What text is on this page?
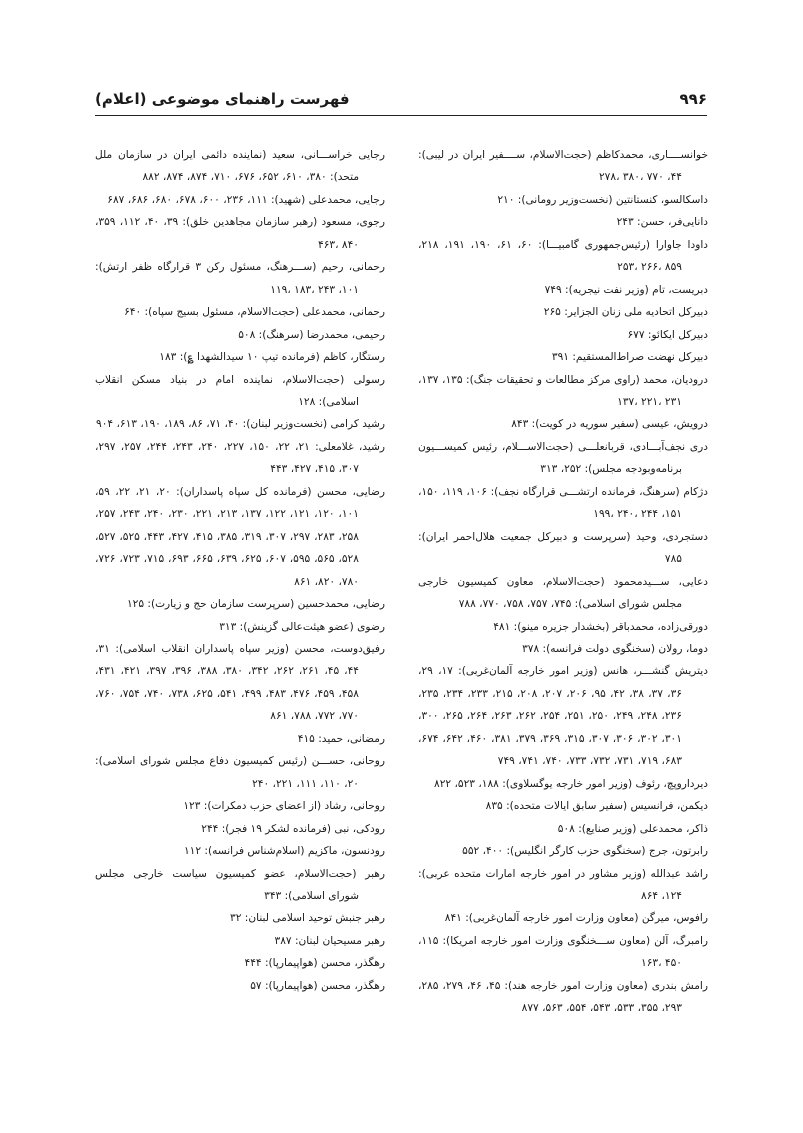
۹۹۶
فهرست راهنمای موضوعی (اعلام)
خوانســــاری، محمدکاظم (حجت‌الاسلام، ســــفیر ایران در لیبی): ۴۴، ۷۷۰ ،۳۸۰ ،۲۷۸
داسکالسو، کنستانتین (نخست‌وزیر رومانی): ۲۱۰
دانایی‌فر، حسن: ۲۴۳
داودا جاوارا (رئیس‌جمهوری گامبیـــا): ۶۰، ۶۱، ۱۹۰، ۱۹۱، ۲۱۸، ۸۵۹ ،۲۶۶ ،۲۵۳
دبریست، تام (وزیر نفت نیجریه): ۷۴۹
دبیرکل اتحادیه ملی زنان الجزایر: ۲۶۵
دبیرکل ایکائو: ۶۷۷
دبیرکل نهضت صراط‌المستقیم: ۳۹۱
درودیان، محمد (راوی مرکز مطالعات و تحقیقات جنگ): ۱۳۵، ۱۳۷، ۲۳۱ ،۲۲۱ ،۱۳۷
درویش، عیسی (سفیر سوریه در کویت): ۸۴۳
دری نجف‌آبـــادی، قربانعلـــی (حجت‌الاســـلام، رئیس کمیســـیون برنامه‌وبودجه مجلس): ۲۵۲، ۳۱۳
دژکام (سرهنگ، فرمانده ارتشـــی قرارگاه نجف): ۱۰۶، ۱۱۹، ۱۵۰، ۱۵۱، ۲۴۴ ،۲۴۰ ،۱۹۹
دستجردی، وحید (سرپرست و دبیرکل جمعیت هلال‌احمر ایران): ۷۸۵
دعایی، ســـیدمحمود (حجت‌الاسلام، معاون کمیسیون خارجی مجلس شورای اسلامی): ۷۴۵، ۷۵۷، ۷۵۸، ۷۷۰، ۷۸۸
دورقی‌زاده، محمدباقر (بخشدار جزیره مینو): ۴۸۱
دوما، رولان (سخنگوی دولت فرانسه): ۳۷۸
دیتریش گنشـــر، هانس (وزیر امور خارجه آلمان‌غربی): ۱۷، ۲۹، ۳۶، ۳۷، ۳۸، ۴۲، ۹۵، ۲۰۶، ۲۰۷، ۲۰۸، ۲۱۵، ۲۳۳، ۲۳۴، ۲۳۵، ۲۳۶، ۲۴۸، ۲۴۹، ۲۵۰، ۲۵۱، ۲۵۴، ۲۶۲، ۲۶۳، ۲۶۴، ۲۶۵، ۳۰۰، ۳۰۱، ۳۰۲، ۳۰۶، ۳۰۷، ۳۱۵، ۳۶۹، ۳۷۹، ۳۸۱، ۴۶۰، ۶۴۲، ۶۷۴، ۶۸۳، ۷۱۹، ۷۳۱، ۷۳۲، ۷۳۳، ۷۴۰، ۷۴۱، ۷۴۹
دیرداروپچ، رئوف (وزیر امور خارجه یوگسلاوی): ۱۸۸، ۵۲۳، ۸۲۲
دیکمن، فرانسیس (سفیر سابق ایالات متحده): ۸۳۵
ذاکر، محمدعلی (وزیر صنایع): ۵۰۸
رابرتون، جرج (سخنگوی حزب کارگر انگلیس): ۴۰۰، ۵۵۲
راشد عبدالله (وزیر مشاور در امور خارجه امارات متحده عربی): ۱۲۴، ۸۶۴
رافوس، میرگن (معاون وزارت امور خارجه آلمان‌غربی): ۸۴۱
رامبرگ، آلن (معاون ســـخنگوی وزارت امور خارجه امریکا): ۱۱۵، ۴۵۰ ،۱۶۳
رامش بندری (معاون وزارت امور خارجه هند): ۴۵، ۴۶، ۲۷۹، ۲۸۵، ۲۹۳، ۳۵۵، ۵۳۳، ۵۴۳، ۵۵۴، ۵۶۳، ۸۷۷
رجایی خراســـانی، سعید (نماینده دائمی ایران در سازمان ملل متحد): ۳۸۰، ۶۱۰، ۶۵۲، ۶۷۶، ۷۱۰، ۸۷۴، ۸۷۴، ۸۸۲
رجایی، محمدعلی (شهید): ۱۱۱، ۲۳۶، ۶۰۰، ۶۷۸، ۶۸۰، ۶۸۶، ۶۸۷
رجوی، مسعود (رهبر سازمان مجاهدین خلق): ۳۹، ۴۰، ۱۱۲، ۳۵۹، ۸۴۰ ،۴۶۳
رحمانی، رحیم (ســـرهنگ، مسئول رکن ۳ قرارگاه ظفر ارتش): ۱۰۱، ۲۴۳ ،۱۸۳ ،۱۱۹
رحمانی، محمدعلی (حجت‌الاسلام، مسئول بسیج سپاه): ۶۴۰
رحیمی، محمدرضا (سرهنگ): ۵۰۸
رستگار، کاظم (فرمانده تیپ ۱۰ سیدالشهدا ؏): ۱۸۳
رسولی (حجت‌الاسلام، نماینده امام در بنیاد مسکن انقلاب اسلامی): ۱۲۸
رشید کرامی (نخست‌وزیر لبنان): ۴۰، ۷۱، ۸۶، ۱۸۹، ۱۹۰، ۶۱۳، ۹۰۴
رشید، غلامعلی: ۲۱، ۲۲، ۱۵۰، ۲۲۷، ۲۴۰، ۲۴۳، ۲۴۴، ۲۵۷، ۲۹۷، ۳۰۷، ۴۱۵، ۴۲۷، ۴۴۳
رضایی، محسن (فرمانده کل سپاه پاسداران): ۲۰، ۲۱، ۲۲، ۵۹، ۱۰۱، ۱۲۰، ۱۲۱، ۱۲۲، ۱۳۷، ۲۱۳، ۲۲۱، ۲۳۰، ۲۴۰، ۲۴۳، ۲۵۷، ۲۵۸، ۲۸۳، ۲۹۷، ۳۰۷، ۳۱۹، ۳۸۵، ۴۱۵، ۴۲۷، ۴۴۳، ۵۲۵، ۵۲۷، ۵۲۸، ۵۶۵، ۵۹۵، ۶۰۷، ۶۲۵، ۶۳۹، ۶۶۵، ۶۹۳، ۷۱۵، ۷۲۳، ۷۲۶، ۷۸۰، ۸۲۰، ۸۶۱
رضایی، محمدحسین (سرپرست سازمان حج و زیارت): ۱۲۵
رضوی (عضو هیئت‌عالی گزینش): ۳۱۳
رفیق‌دوست، محسن (وزیر سپاه پاسداران انقلاب اسلامی): ۳۱، ۴۴، ۴۵، ۲۶۱، ۲۶۲، ۳۴۲، ۳۸۰، ۳۸۸، ۳۹۶، ۳۹۷، ۴۲۱، ۴۳۱، ۴۵۸، ۴۵۹، ۴۷۶، ۴۸۳، ۴۹۹، ۵۴۱، ۶۲۵، ۷۳۸، ۷۴۰، ۷۵۴، ۷۶۰، ۷۷۰، ۷۷۲، ۷۸۸، ۸۶۱
رمضانی، حمید: ۴۱۵
روحانی، حســـن (رئیس کمیسیون دفاع مجلس شورای اسلامی): ۲۰، ۱۱۰، ۱۱۱، ۲۲۱، ۲۴۰
روحانی، رشاد (از اعضای حزب دمکرات): ۱۲۳
رودکی، نبی (فرمانده لشکر ۱۹ فجر): ۲۴۴
رودنسون، ماکزیم (اسلام‌شناس فرانسه): ۱۱۲
رهبر (حجت‌الاسلام، عضو کمیسیون سیاست خارجی مجلس شورای اسلامی): ۳۴۳
رهبر جنبش توحید اسلامی لبنان: ۳۲
رهبر مسیحیان لبنان: ۳۸۷
رهگذر، محسن (هواپیمارپا): ۴۴۴
رهگذر، محسن (هواپیمارپا): ۵۷
